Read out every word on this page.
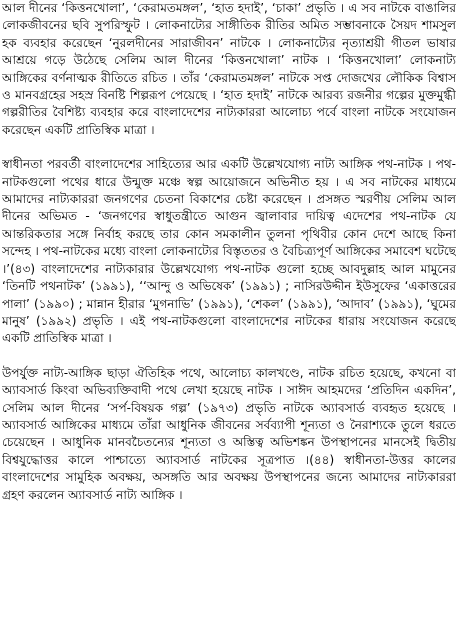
আল দীনের ‘কিত্তনখোলা’, ‘কেরামতমঙ্গল’, ‘হাত হদাই’, ‘চাকা’ প্রভৃতি । এ সব নাটকে বাঙালির লোকজীবনের ছবি সুপরিস্ফুট । লোকনাট্যের সাঙ্গীতিক রীতির অমিত সম্ভাবনাকে সৈয়দ শামসুল হক ব্যবহার করেছেন ‘নুরলদীনের সারাজীবন’ নাটকে । লোকনাট্যের নৃত্যাশ্রয়ী গীতল ভাষার আশ্রয়ে গড়ে উঠেছে সেলিম আল দীনের ‘কিত্তনখোলা’ নাটক । ‘কিত্তনখোলা’ লোকনাট্য আঙ্গিকের বর্ণনাত্মক রীতিতে রচিত । তাঁর ‘কেরামতমঙ্গল’ নাটকে সপ্ত দোজখের লৌকিক বিশ্বাস ও মানবগ্রহের সহস্র বিনষ্টি শিল্পরূপ পেয়েছে । ‘হাত হদাই’ নাটকে আরব্য রজনীর গল্পের মুক্তমুগ্ধী গল্পরীতির বৈশিষ্ট্য ব্যবহার করে বাংলাদেশের নাট্যকাররা আলোচ্য পর্বে বাংলা নাটকে সংযোজন করেছেন একটি প্রাতিস্বিক মাত্রা ।

স্বাধীনতা পরবর্তী বাংলাদেশের সাহিত্যের আর একটি উল্লেখযোগ্য নাট্য আঙ্গিক পথ-নাটক । পথ-নাটকগুলো পথের ধারে উন্মুক্ত মঞ্চে স্বল্প আয়োজনে অভিনীত হয় । এ সব নাটকের মাধ্যমে আমাদের নাট্যকাররা জনগণের চেতনা বিকাশের চেষ্টা করেছেন । প্রসঙ্গত স্মরণীয় সেলিম আল দীনের অভিমত - ‘জনগণের স্বাধুতন্ত্রীতে আগুন জ্বালাবার দায়িত্ব এদেশের পথ-নাটক যে আন্তরিকতার সঙ্গে নির্বাহ করছে তার কোন সমকালীন তুলনা পৃথিবীর কোন দেশে আছে কিনা সন্দেহ । পথ-নাটকের মধ্যে বাংলা লোকনাট্যের বিস্তৃততর ও বৈচিত্র্যপূর্ণ আঙ্গিকের সমাবেশ ঘটেছে ।’(৪৩) বাংলাদেশের নাট্যকারার উল্লেখযোগ্য পথ-নাটক গুলো হচ্ছে আবদুল্লাহ আল মামুনের ‘তিনটি পথনাটক’ (১৯৯১), ‘‘আন্দু ও অভিষেক’ (১৯৯১) ; নাসিরউদ্দীন ইউসুফের ‘একাত্তরের পালা’ (১৯৯০) ; মান্নান হীরার ‘মুগনাভি’ (১৯৯১), ‘শেকল’ (১৯৯১), ‘আদাব’ (১৯৯১), ‘ঘুমের মানুষ’ (১৯৯২) প্রভৃতি । এই পথ-নাটকগুলো বাংলাদেশের নাটকের ধারায় সংযোজন করেছে একটি প্রাতিস্বিক মাত্রা ।

উপর্যুক্ত নাট্য-আঙ্গিক ছাড়া ঐতিহিক পথে, আলোচ্য কালখণ্ডে, নাটক রচিত হয়েছে, কখনো বা অ্যাবসার্ড কিংবা অভিব্যক্তিবাদী পথে লেখা হয়েছে নাটক । সাঈদ আহমদের ‘প্রতিদিন একদিন’, সেলিম আল দীনের ‘সর্প-বিষয়ক গল্প’ (১৯৭৩) প্রভৃতি নাটকে অ্যাবসার্ড ব্যবহৃত হয়েছে । অ্যাবসার্ড আঙ্গিকের মাধ্যমে তাঁরা আধুনিক জীবনের সর্বব্যাপী শূন্যতা ও নৈরাশ্যকে তুলে ধরতে চেয়েছেন । আধুনিক মানবচৈতন্যের শূন্যতা ও অস্তিত্ব অভিশঙ্কন উপস্থাপনের মানসেই দ্বিতীয় বিশ্বযুদ্ধোত্তর কালে পাশ্চাত্যে অ্যাবসার্ড নাটকের সূত্রপাত ।(৪৪) স্বাধীনতা-উত্তর কালের বাংলাদেশের সামুহিক অবক্ষয়, অসঙ্গতি আর অবক্ষয় উপস্থাপনের জন্যে আমাদের নাট্যকাররা গ্রহণ করলেন অ্যাবসার্ড নাট্য আঙ্গিক ।
